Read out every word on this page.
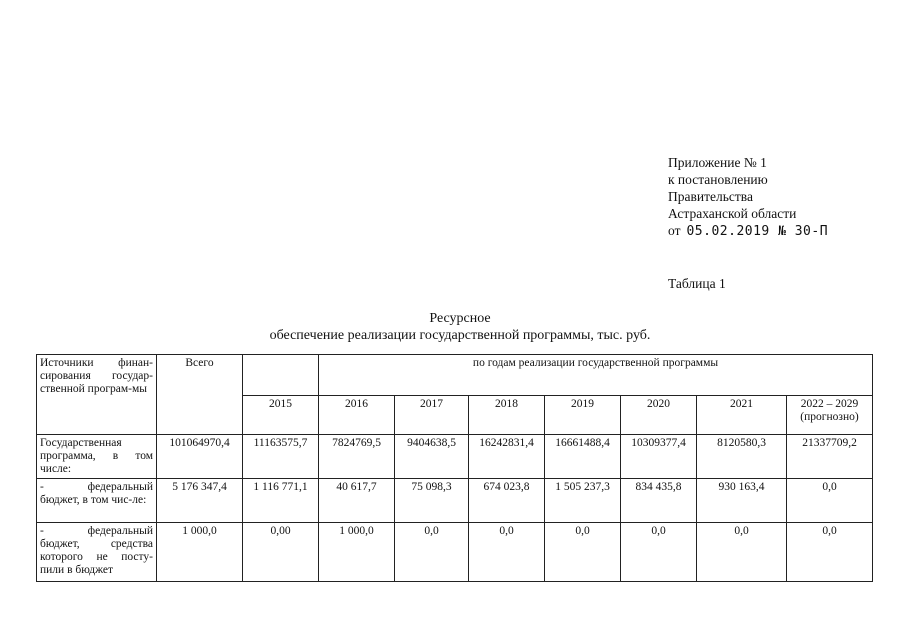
Приложение № 1
к постановлению
Правительства
Астраханской области
от 05.02.2019 № 30-П
Таблица 1
Ресурсное
обеспечение реализации государственной программы, тыс. руб.
Источники финан-сирования государ-ственной програм-мы	Всего		по годам реализации государственной программы						
		2015	2016	2017	2018	2019	2020	2021	2022 – 2029 (прогнозно)
Государственная программа, в том числе:	101064970,4	11163575,7	7824769,5	9404638,5	16242831,4	16661488,4	10309377,4	8120580,3	21337709,2
- федеральный бюджет, в том чис-ле:	5 176 347,4	1 116 771,1	40 617,7	75 098,3	674 023,8	1 505 237,3	834 435,8	930 163,4	0,0
- федеральный бюджет, средства которого не посту-пили в бюджет	1 000,0	0,00	1 000,0	0,0	0,0	0,0	0,0	0,0	0,0
